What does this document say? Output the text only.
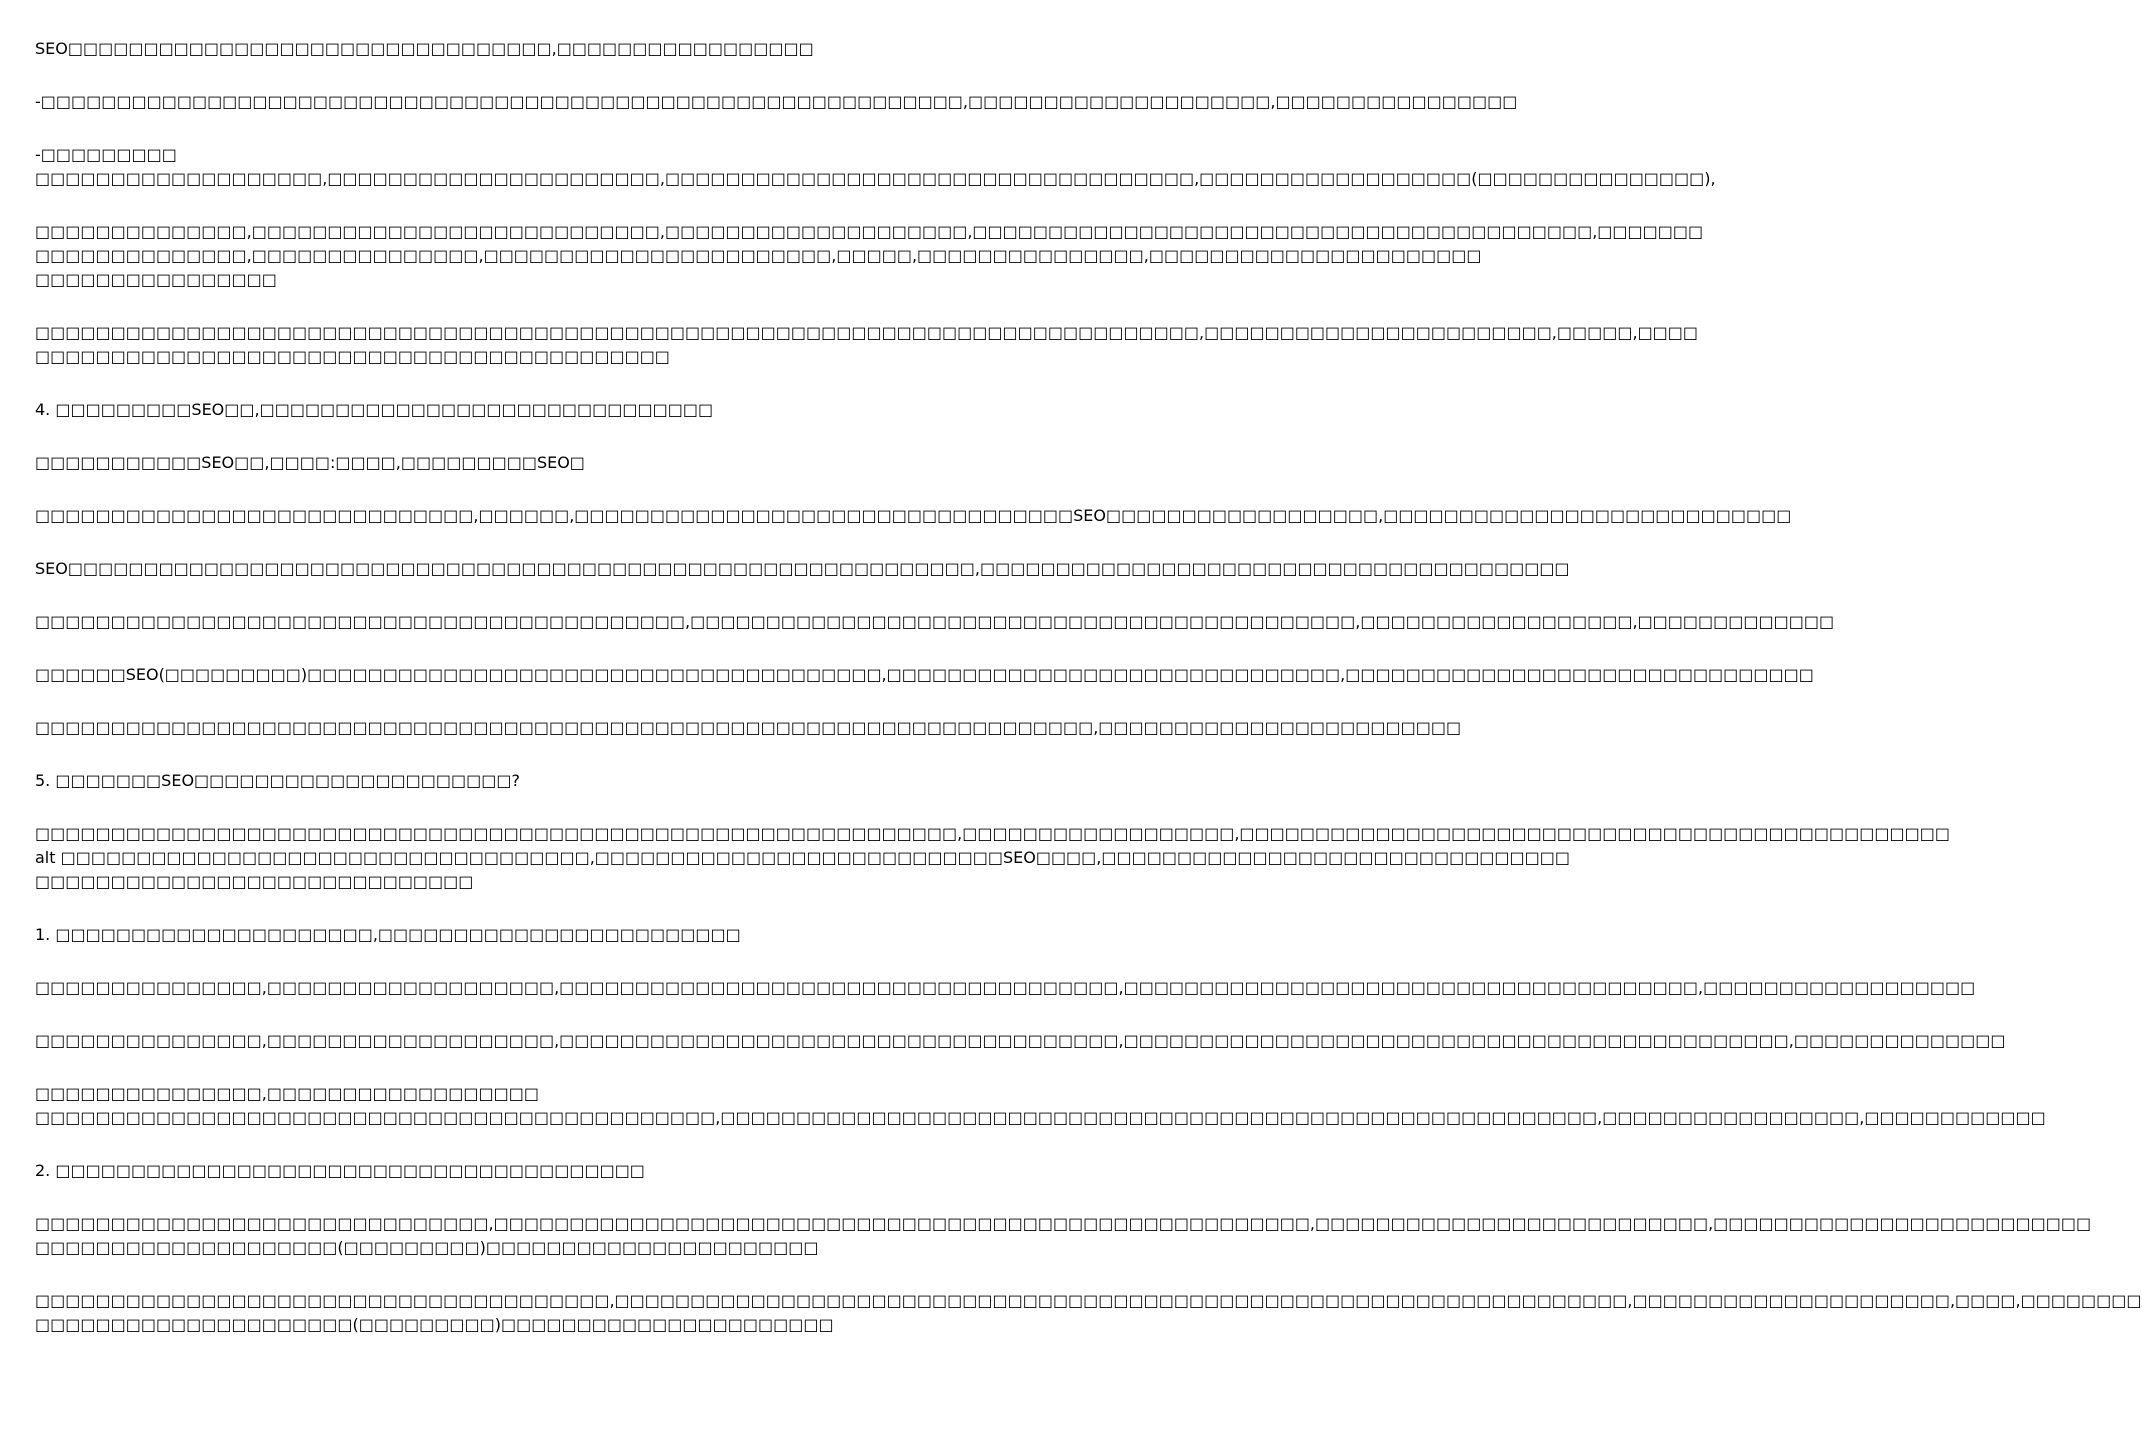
SEO□□□□□□□□□□□□□□□□□□□□□□□□□□□□□□□□,□□□□□□□□□□□□□□□□□

-□□□□□□□□□□□□□□□□□□□□□□□□□□□□□□□□□□□□□□□□□□□□□□□□□□□□□□□□□□□□□,□□□□□□□□□□□□□□□□□□□□,□□□□□□□□□□□□□□□□

-□□□□□□□□□
□□□□□□□□□□□□□□□□□□□,□□□□□□□□□□□□□□□□□□□□□□,□□□□□□□□□□□□□□□□□□□□□□□□□□□□□□□□□□□,□□□□□□□□□□□□□□□□□□(□□□□□□□□□□□□□□□),

□□□□□□□□□□□□□□,□□□□□□□□□□□□□□□□□□□□□□□□□□□,□□□□□□□□□□□□□□□□□□□□,□□□□□□□□□□□□□□□□□□□□□□□□□□□□□□□□□□□□□□□□□,□□□□□□□
□□□□□□□□□□□□□□,□□□□□□□□□□□□□□□,□□□□□□□□□□□□□□□□□□□□□□□,□□□□□,□□□□□□□□□□□□□□□,□□□□□□□□□□□□□□□□□□□□□□
□□□□□□□□□□□□□□□□

□□□□□□□□□□□□□□□□□□□□□□□□□□□□□□□□□□□□□□□□□□□□□□□□□□□□□□□□□□□□□□□□□□□□□□□□□□□□□,□□□□□□□□□□□□□□□□□□□□□□□,□□□□□,□□□□
□□□□□□□□□□□□□□□□□□□□□□□□□□□□□□□□□□□□□□□□□□

4. □□□□□□□□□SEO□□,□□□□□□□□□□□□□□□□□□□□□□□□□□□□□□

□□□□□□□□□□□SEO□□,□□□□:□□□□,□□□□□□□□□SEO□

□□□□□□□□□□□□□□□□□□□□□□□□□□□□□,□□□□□□,□□□□□□□□□□□□□□□□□□□□□□□□□□□□□□□□□SEO□□□□□□□□□□□□□□□□□□,□□□□□□□□□□□□□□□□□□□□□□□□□□□

SEO□□□□□□□□□□□□□□□□□□□□□□□□□□□□□□□□□□□□□□□□□□□□□□□□□□□□□□□□□□□□,□□□□□□□□□□□□□□□□□□□□□□□□□□□□□□□□□□□□□□□

□□□□□□□□□□□□□□□□□□□□□□□□□□□□□□□□□□□□□□□□□□□,□□□□□□□□□□□□□□□□□□□□□□□□□□□□□□□□□□□□□□□□□□□□,□□□□□□□□□□□□□□□□□□,□□□□□□□□□□□□□

□□□□□□SEO(□□□□□□□□□)□□□□□□□□□□□□□□□□□□□□□□□□□□□□□□□□□□□□□□,□□□□□□□□□□□□□□□□□□□□□□□□□□□□□□,□□□□□□□□□□□□□□□□□□□□□□□□□□□□□□□

□□□□□□□□□□□□□□□□□□□□□□□□□□□□□□□□□□□□□□□□□□□□□□□□□□□□□□□□□□□□□□□□□□□□□□,□□□□□□□□□□□□□□□□□□□□□□□□

5. □□□□□□□SEO□□□□□□□□□□□□□□□□□□□□□?

□□□□□□□□□□□□□□□□□□□□□□□□□□□□□□□□□□□□□□□□□□□□□□□□□□□□□□□□□□□□□,□□□□□□□□□□□□□□□□□□,□□□□□□□□□□□□□□□□□□□□□□□□□□□□□□□□□□□□□□□□□□□□□□□
alt □□□□□□□□□□□□□□□□□□□□□□□□□□□□□□□□□□□,□□□□□□□□□□□□□□□□□□□□□□□□□□□SEO□□□□,□□□□□□□□□□□□□□□□□□□□□□□□□□□□□□□
□□□□□□□□□□□□□□□□□□□□□□□□□□□□□

1. □□□□□□□□□□□□□□□□□□□□□,□□□□□□□□□□□□□□□□□□□□□□□□

□□□□□□□□□□□□□□□,□□□□□□□□□□□□□□□□□□□,□□□□□□□□□□□□□□□□□□□□□□□□□□□□□□□□□□□□□,□□□□□□□□□□□□□□□□□□□□□□□□□□□□□□□□□□□□□□,□□□□□□□□□□□□□□□□□□

□□□□□□□□□□□□□□□,□□□□□□□□□□□□□□□□□□□,□□□□□□□□□□□□□□□□□□□□□□□□□□□□□□□□□□□□□,□□□□□□□□□□□□□□□□□□□□□□□□□□□□□□□□□□□□□□□□□□□□,□□□□□□□□□□□□□□

□□□□□□□□□□□□□□□,□□□□□□□□□□□□□□□□□□
□□□□□□□□□□□□□□□□□□□□□□□□□□□□□□□□□□□□□□□□□□□□□,□□□□□□□□□□□□□□□□□□□□□□□□□□□□□□□□□□□□□□□□□□□□□□□□□□□□□□□□□□,□□□□□□□□□□□□□□□□□,□□□□□□□□□□□□

2. □□□□□□□□□□□□□□□□□□□□□□□□□□□□□□□□□□□□□□□

□□□□□□□□□□□□□□□□□□□□□□□□□□□□□□,□□□□□□□□□□□□□□□□□□□□□□□□□□□□□□□□□□□□□□□□□□□□□□□□□□□□□□,□□□□□□□□□□□□□□□□□□□□□□□□□□,□□□□□□□□□□□□□□□□□□□□□□□□□
□□□□□□□□□□□□□□□□□□□□(□□□□□□□□□)□□□□□□□□□□□□□□□□□□□□□□

□□□□□□□□□□□□□□□□□□□□□□□□□□□□□□□□□□□□□□,□□□□□□□□□□□□□□□□□□□□□□□□□□□□□□□□□□□□□□□□□□□□□□□□□□□□□□□□□□□□□□□□□□□,□□□□□□□□□□□□□□□□□□□□□,□□□□,□□□□□□□□
□□□□□□□□□□□□□□□□□□□□□(□□□□□□□□□)□□□□□□□□□□□□□□□□□□□□□□
